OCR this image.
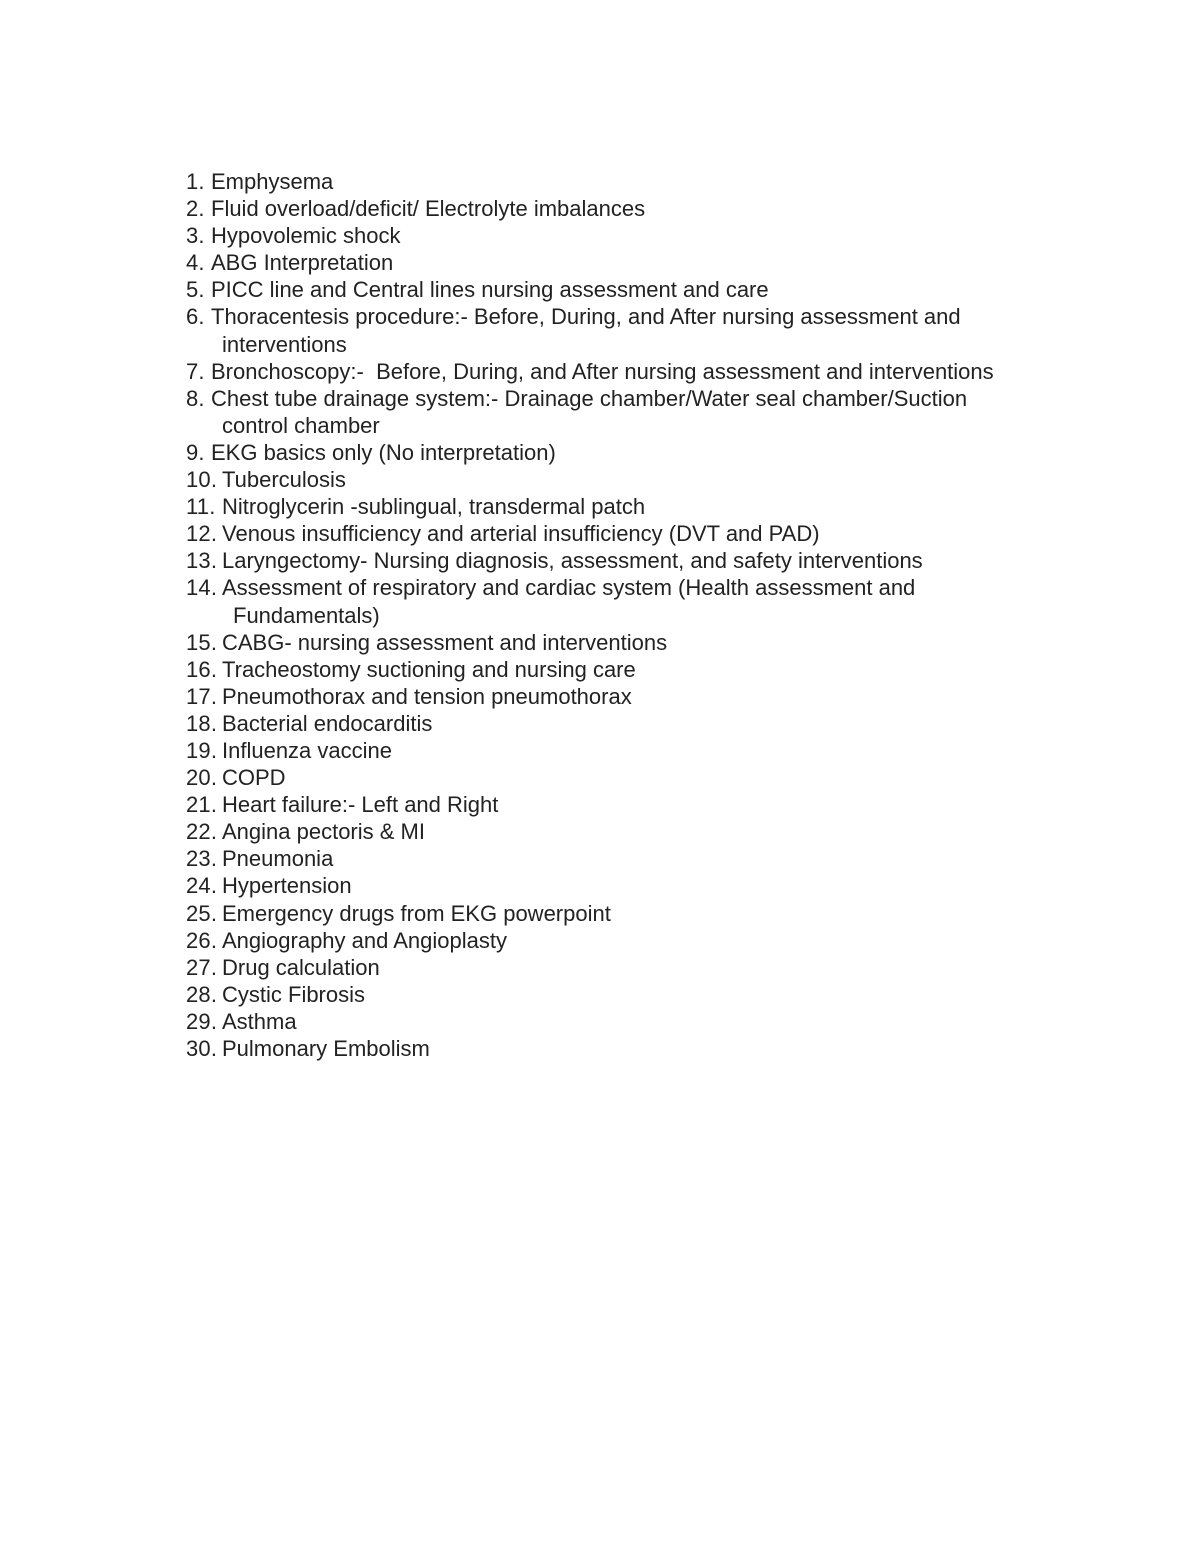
1. Emphysema
2. Fluid overload/deficit/ Electrolyte imbalances
3. Hypovolemic shock
4. ABG Interpretation
5. PICC line and Central lines nursing assessment and care
6. Thoracentesis procedure:- Before, During, and After nursing assessment and
interventions
7. Bronchoscopy:-  Before, During, and After nursing assessment and interventions
8. Chest tube drainage system:- Drainage chamber/Water seal chamber/Suction
control chamber
9. EKG basics only (No interpretation)
10. Tuberculosis
11. Nitroglycerin -sublingual, transdermal patch
12. Venous insufficiency and arterial insufficiency (DVT and PAD)
13. Laryngectomy- Nursing diagnosis, assessment, and safety interventions
14. Assessment of respiratory and cardiac system (Health assessment and
Fundamentals)
15. CABG- nursing assessment and interventions
16. Tracheostomy suctioning and nursing care
17. Pneumothorax and tension pneumothorax
18. Bacterial endocarditis
19. Influenza vaccine
20. COPD
21. Heart failure:- Left and Right
22. Angina pectoris & MI
23. Pneumonia
24. Hypertension
25. Emergency drugs from EKG powerpoint
26. Angiography and Angioplasty
27. Drug calculation
28. Cystic Fibrosis
29. Asthma
30. Pulmonary Embolism
